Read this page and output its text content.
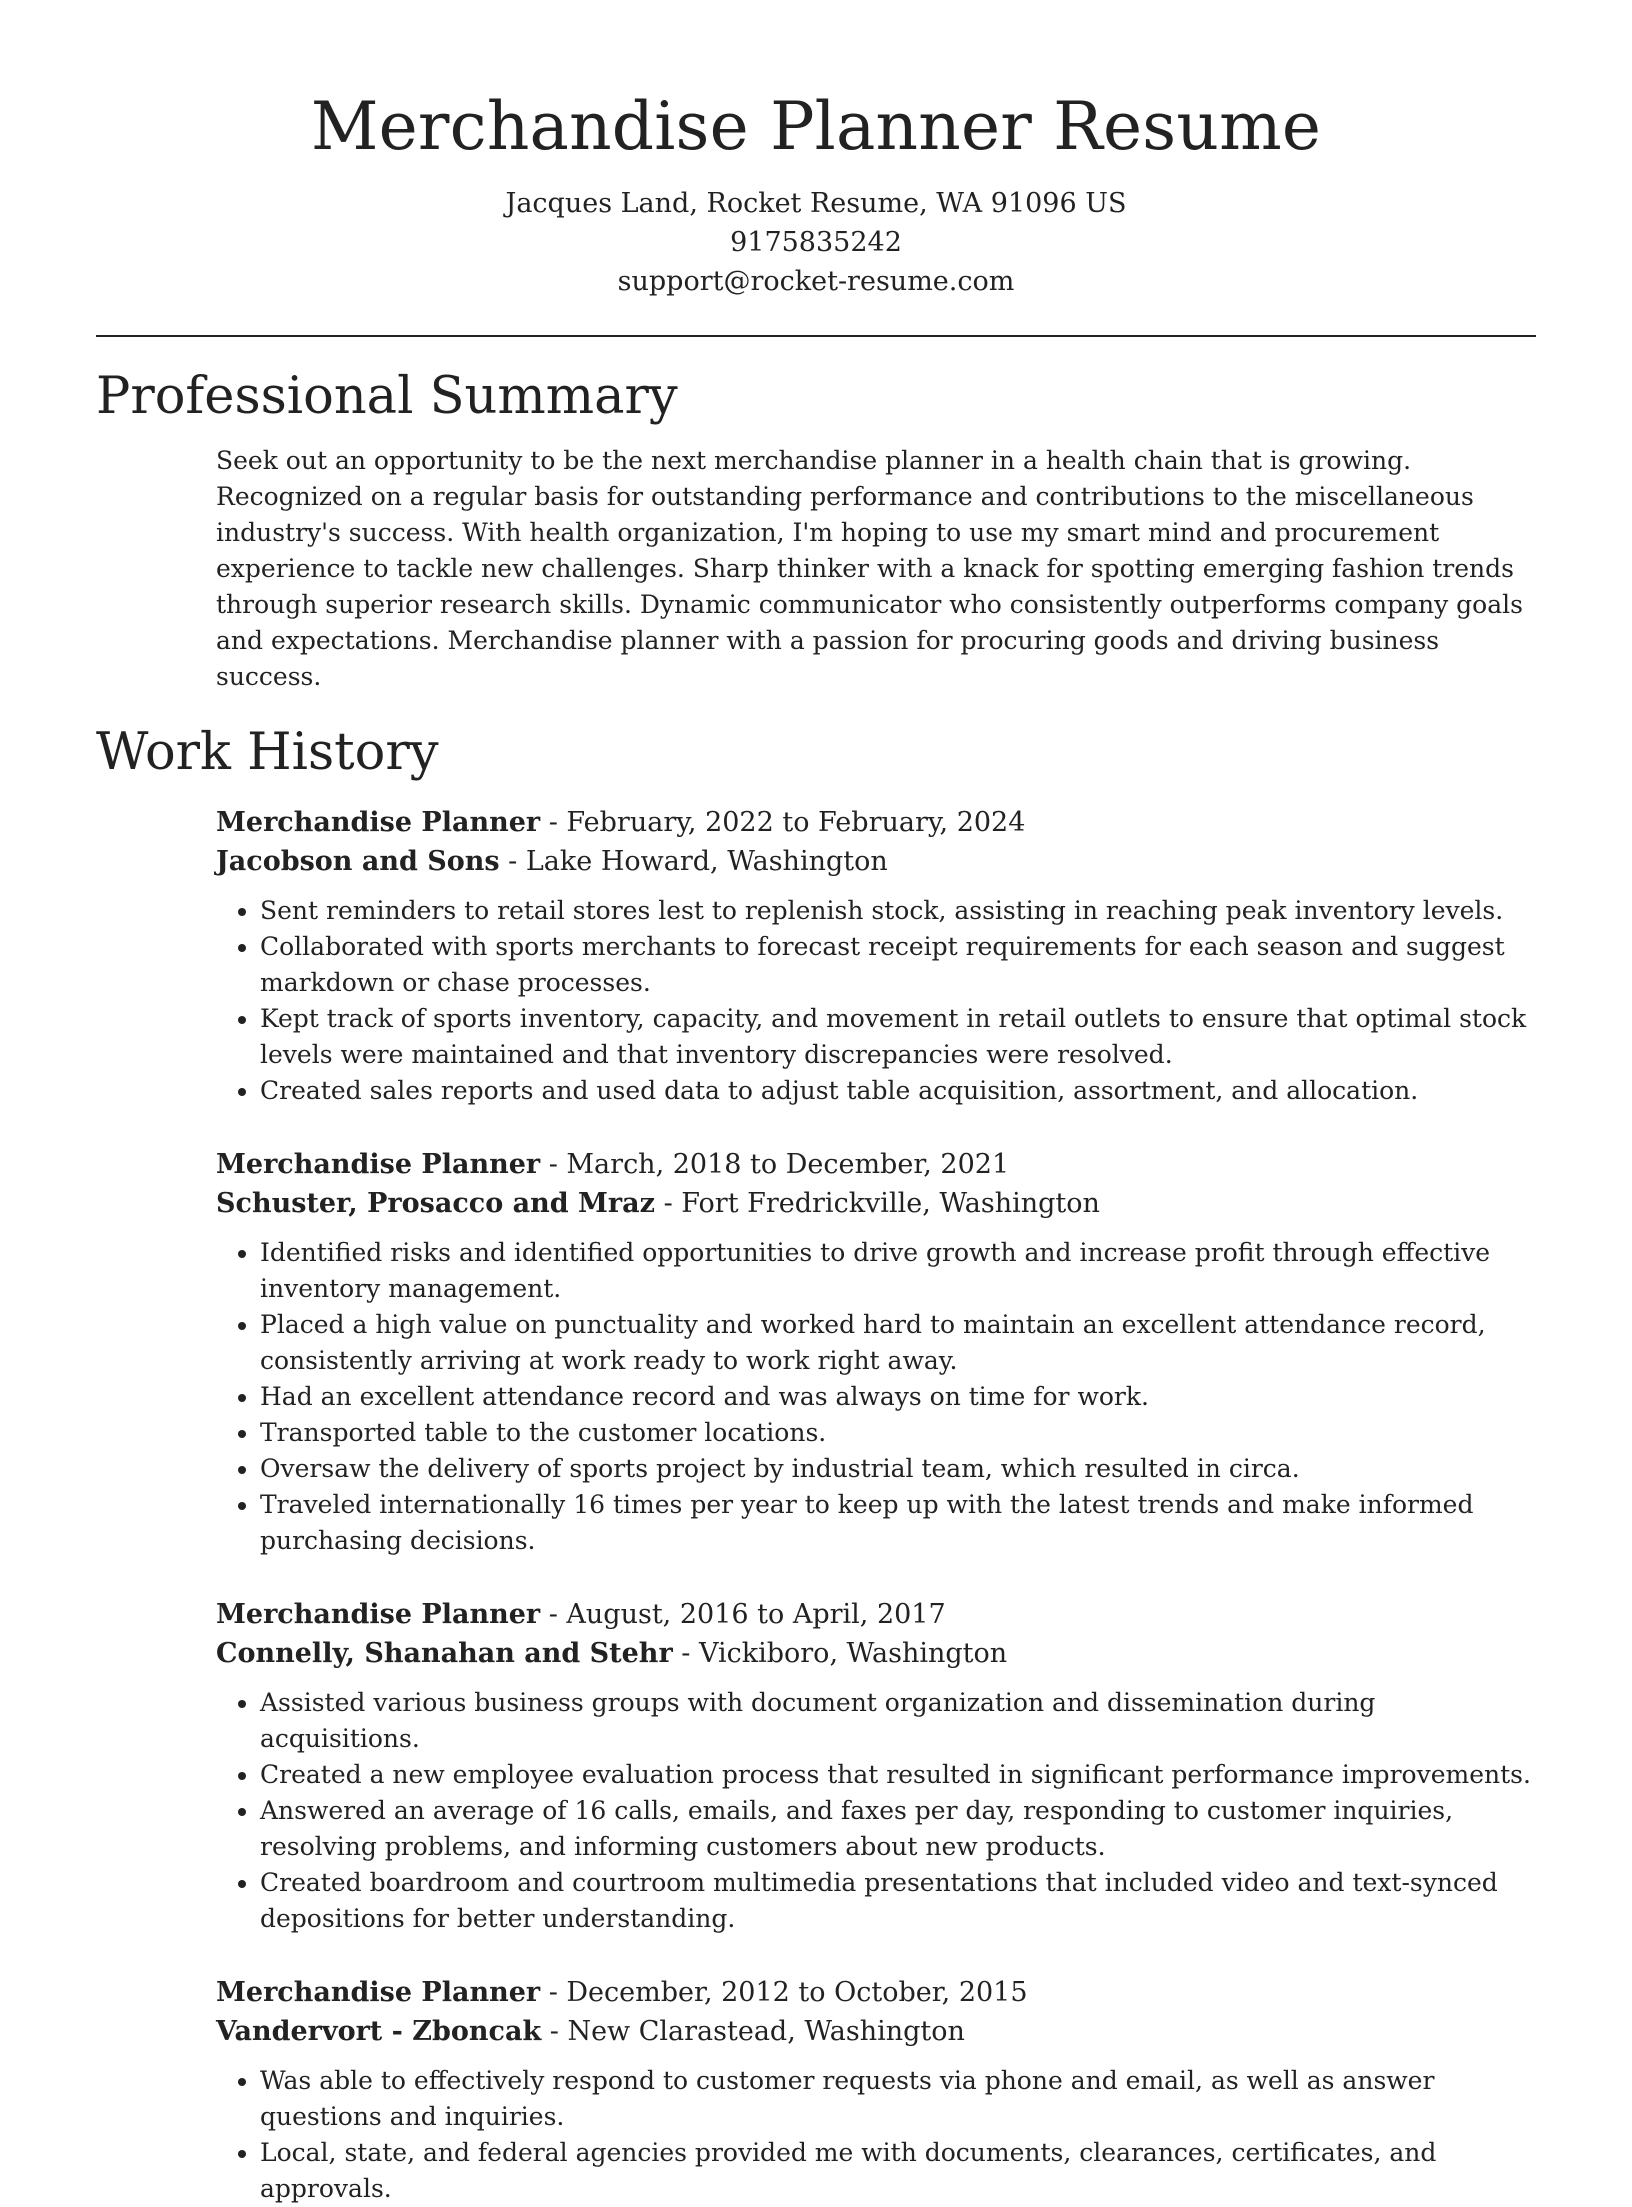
Merchandise Planner Resume
Jacques Land, Rocket Resume, WA 91096 US
9175835242
support@rocket-resume.com
Professional Summary

Seek out an opportunity to be the next merchandise planner in a health chain that is growing. Recognized on a regular basis for outstanding performance and contributions to the miscellaneous industry's success. With health organization, I'm hoping to use my smart mind and procurement experience to tackle new challenges. Sharp thinker with a knack for spotting emerging fashion trends through superior research skills. Dynamic communicator who consistently outperforms company goals and expectations. Merchandise planner with a passion for procuring goods and driving business success.

Work History
Merchandise Planner - February, 2022 to February, 2024
Jacobson and Sons - Lake Howard, Washington
• Sent reminders to retail stores lest to replenish stock, assisting in reaching peak inventory levels.
• Collaborated with sports merchants to forecast receipt requirements for each season and suggest markdown or chase processes.
• Kept track of sports inventory, capacity, and movement in retail outlets to ensure that optimal stock levels were maintained and that inventory discrepancies were resolved.
• Created sales reports and used data to adjust table acquisition, assortment, and allocation.
Merchandise Planner - March, 2018 to December, 2021
Schuster, Prosacco and Mraz - Fort Fredrickville, Washington
• Identified risks and identified opportunities to drive growth and increase profit through effective inventory management.
• Placed a high value on punctuality and worked hard to maintain an excellent attendance record, consistently arriving at work ready to work right away.
• Had an excellent attendance record and was always on time for work.
• Transported table to the customer locations.
• Oversaw the delivery of sports project by industrial team, which resulted in circa.
• Traveled internationally 16 times per year to keep up with the latest trends and make informed purchasing decisions.
Merchandise Planner - August, 2016 to April, 2017
Connelly, Shanahan and Stehr - Vickiboro, Washington
• Assisted various business groups with document organization and dissemination during acquisitions.
• Created a new employee evaluation process that resulted in significant performance improvements.
• Answered an average of 16 calls, emails, and faxes per day, responding to customer inquiries, resolving problems, and informing customers about new products.
• Created boardroom and courtroom multimedia presentations that included video and text-synced depositions for better understanding.
Merchandise Planner - December, 2012 to October, 2015
Vandervort - Zboncak - New Clarastead, Washington
• Was able to effectively respond to customer requests via phone and email, as well as answer questions and inquiries.
• Local, state, and federal agencies provided me with documents, clearances, certificates, and approvals.
